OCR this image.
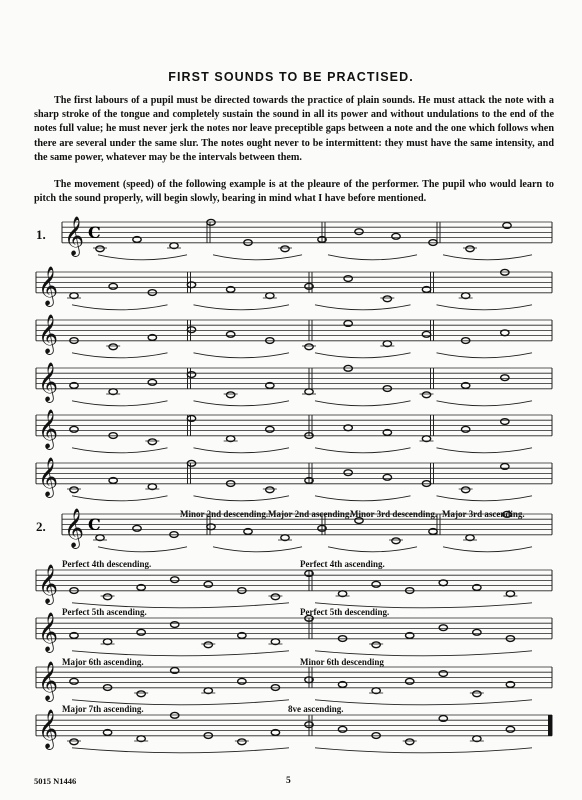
FIRST SOUNDS TO BE PRACTISED.
The first labours of a pupil must be directed towards the practice of plain sounds. He must attack the note with a sharp stroke of the tongue and completely sustain the sound in all its power and without undulations to the end of the notes full value; he must never jerk the notes nor leave preceptible gaps between a note and the one which follows when there are several under the same slur. The notes ought never to be intermittent: they must have the same intensity, and the same power, whatever may be the intervals between them.
The movement (speed) of the following example is at the pleaure of the performer. The pupil who would learn to pitch the sound properly, will begin slowly, bearing in mind what I have before mentioned.
1.
2.
Minor 2nd descending. Major 2nd ascending.
Minor 3rd descending. Major 3rd ascending.
Perfect 4th descending.	Perfect 4th ascending.
Perfect 5th ascending.	Perfect 5th descending.
Major 6th ascending.	Minor 6th descending
Major 7th ascending.	8ve ascending.
𝄞 C
𝄞
𝄞
𝄞
𝄞
𝄞
𝄞 C
𝄞
𝄞
𝄞
𝄞
5015 N1446	5
